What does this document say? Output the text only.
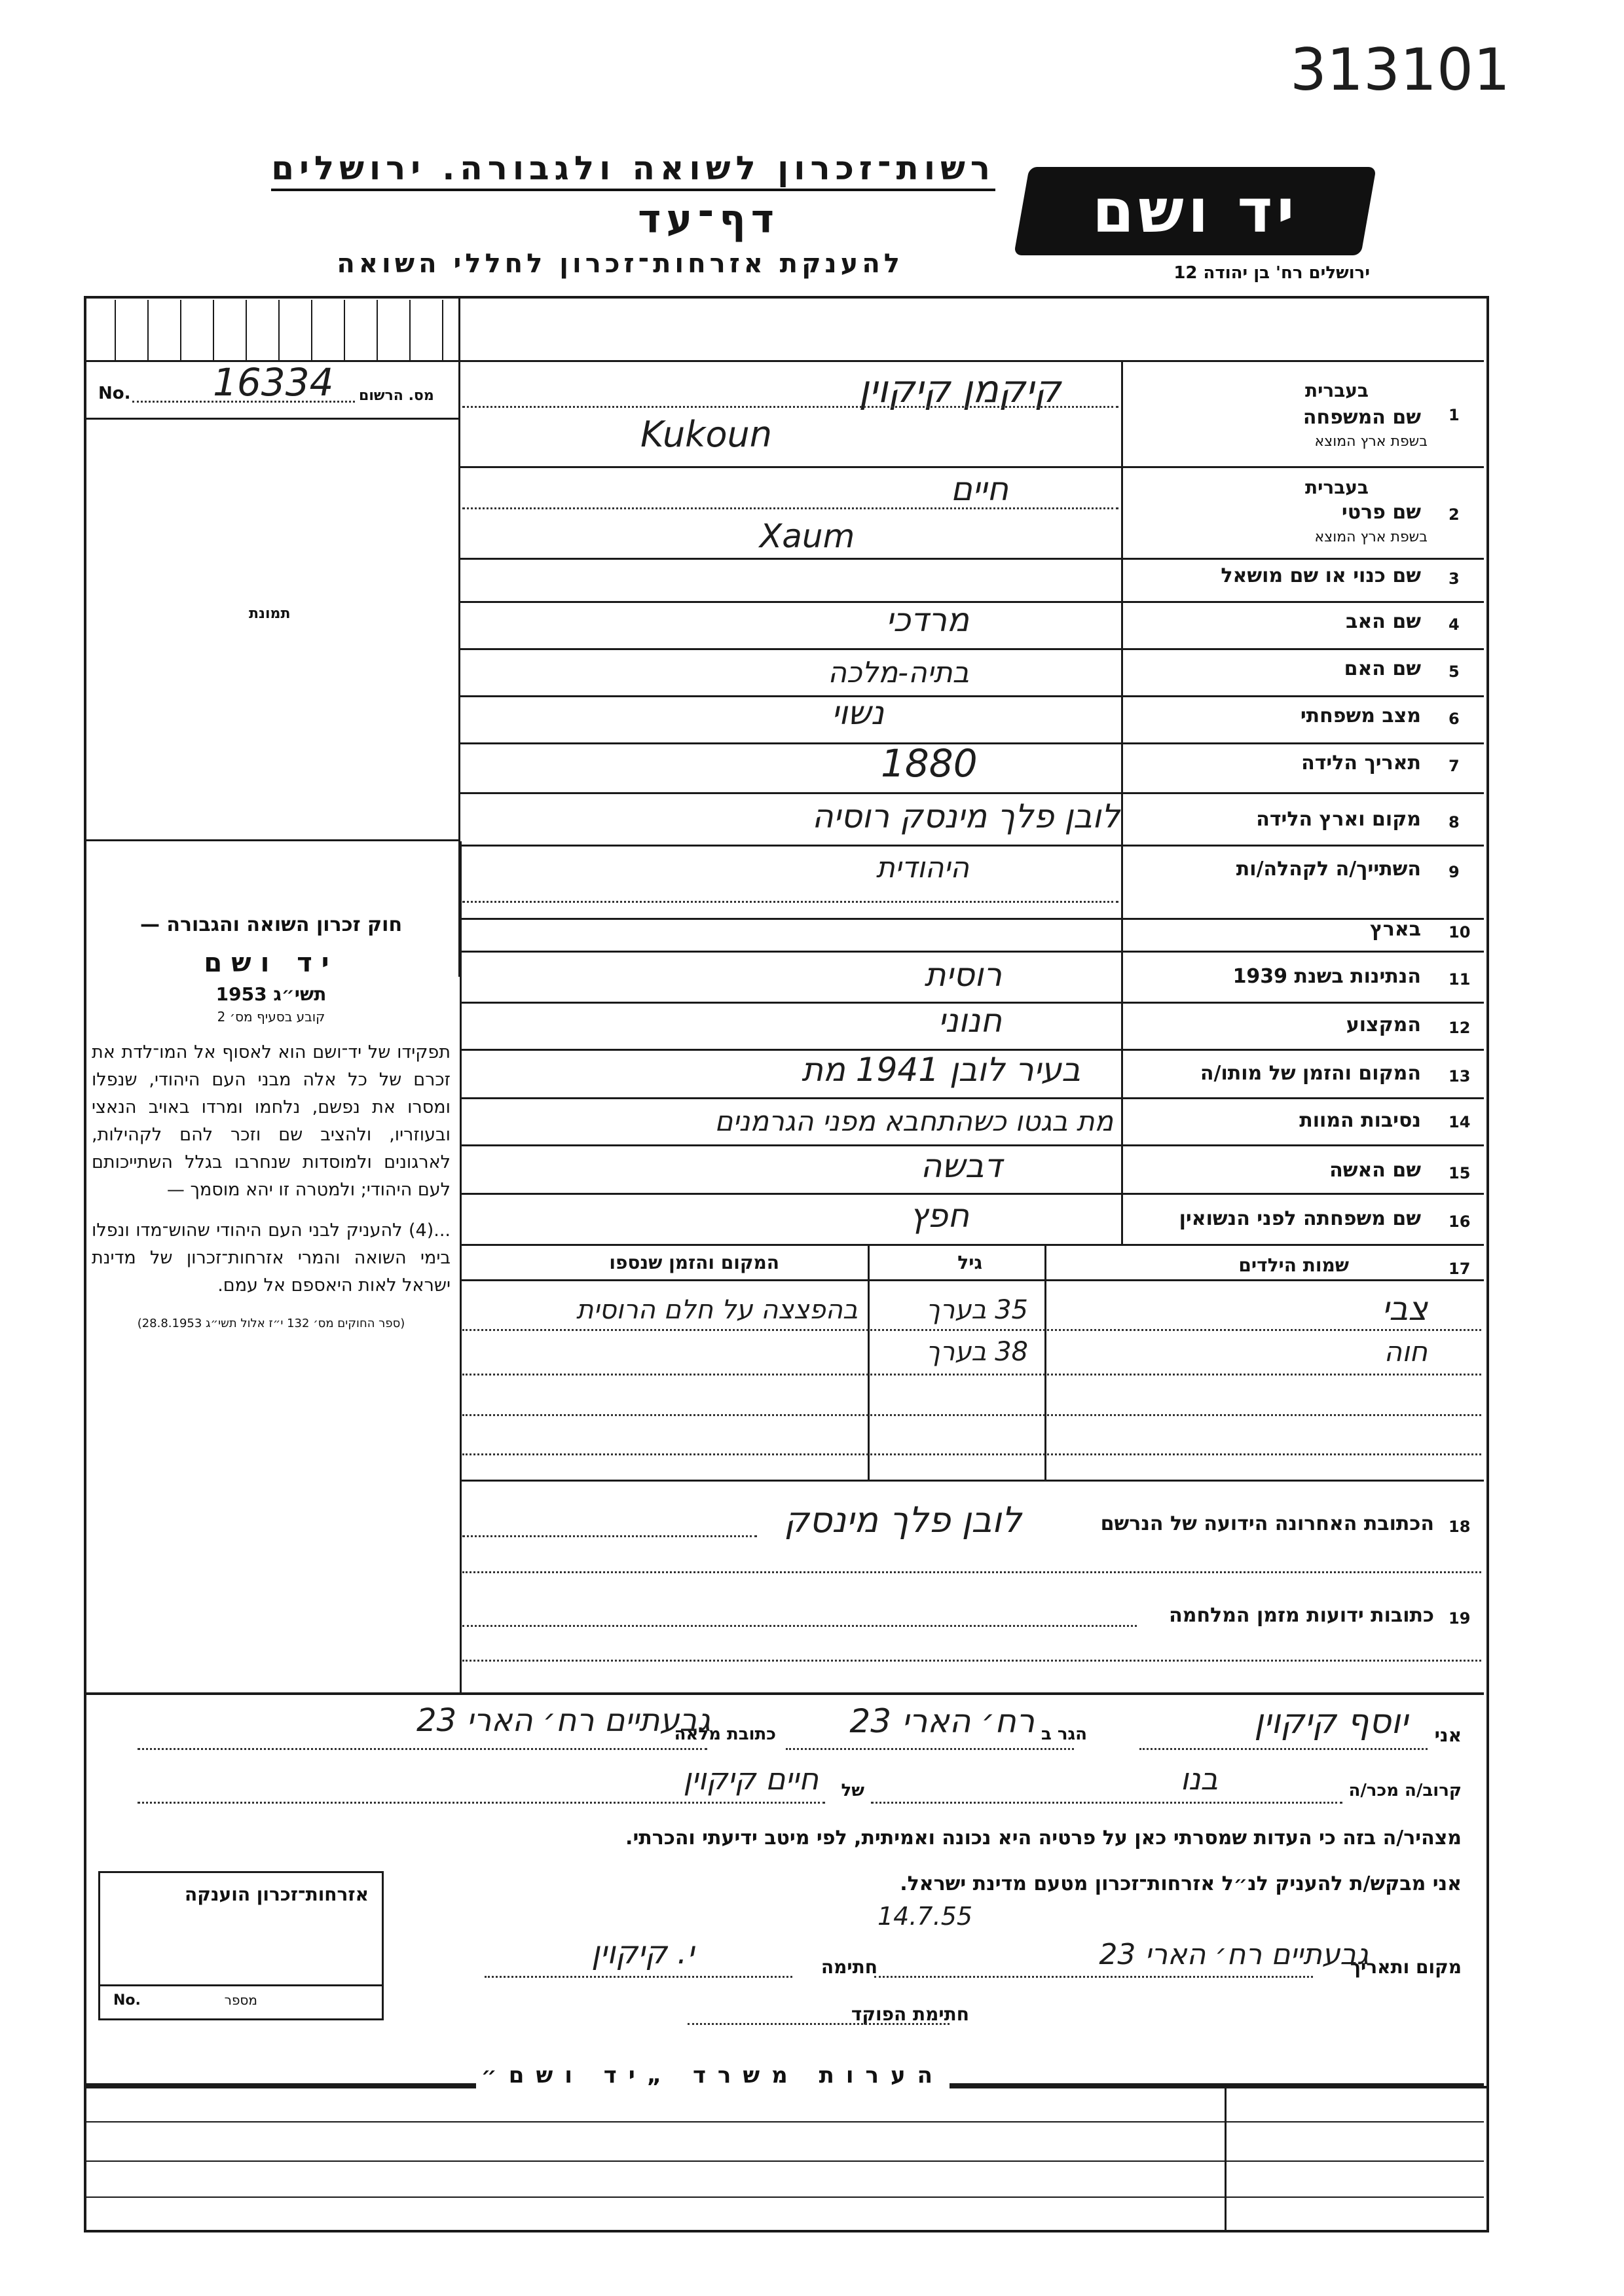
313101
רשות־זכרון לשואה ולגבורה. ירושלים
דף־עד
להענקת אזרחות־זכרון לחללי השואה
יד ושם
ירושלים רח' בן יהודה 12
No. 16334 מס. הרשום
תמונת

חוק זכרון השואה והגבורה —

יד ושם

תשי״ג 1953

קובע בסעיף מס׳ 2

תפקידו של יד־ושם הוא לאסוף אל המו־לדת את זכרם של כל אלה מבני העם היהודי, שנפלו ומסרו את נפשם, נלחמו ומרדו באויב הנאצי ובעוזריו, ולהציב שם וזכר להם לקהילות, לארגונים ולמוסדות שנחרבו בגלל השתייכותם לעם היהודי; ולמטרה זו יהא מוסמך —

...(4) להעניק לבני העם היהודי שהוש־מדו ונפלו בימי השואה והמרי אזרחות־זכרון של מדינת ישראל לאות היאספם אל עמם.

(ספר החוקים מס׳ 132 י״ז אלול תשי״ג 28.8.1953)

1
שם המשפחה
בעברית
בשפת ארץ המוצא
קיקמן קיקוין
Kukoun
2
שם פרטי
בעברית
בשפת ארץ המוצא
חיים
Xaum
3
שם כנוי או שם מושאל
4
שם האב
מרדכי
5
שם האם
בתיה-מלכה
6
מצב משפחתי
נשוי
7
תאריך הלידה
1880
8
מקום וארץ הלידה
לובן פלך מינסק רוסיה
9
השתייך/ה לקהלה/ות
היהודית
10
בארץ
11
הנתינות בשנת 1939
רוסית
12
המקצוע
חנוני
13
המקום והזמן של מותו/ה
בעיר לובן 1941 מת
14
נסיבות המוות
מת בגטו כשהתחבא מפני הגרמנים
15
שם האשה
דבשה
16
שם משפחתה לפני הנשואין
חפץ
17
שמות הילדים
גיל
המקום והזמן שנספו
צבי
חוה
35 בערך
38 בערך
בהפצצה על חלם הרוסית
18
הכתובת האחרונה הידועה של הנרשם
לובן פלך מינסק
19
כתובות ידועות מזמן המלחמה
אני
יוסף קיקוין
הגר ב
רח׳ הארי 23
כתובת מלאה
גבעתיים רח׳ הארי 23
קרוב/ה מכר/ה
בנו
של
חיים קיקוין
מצהיר/ה בזה כי העדות שמסרתי כאן על פרטיה היא נכונה ואמיתית, לפי מיטב ידיעתי והכרתי.
אני מבקש/ת להעניק לנ״ל אזרחות־זכרון מטעם מדינת ישראל.
מקום ותאריך
גבעתיים רח׳ הארי 23
14.7.55
חתימה
י. קיקוין
חתימת הפוקד
אזרחות־זכרון הוענקה
No.	מספר
הערות משרד „יד ושם״
